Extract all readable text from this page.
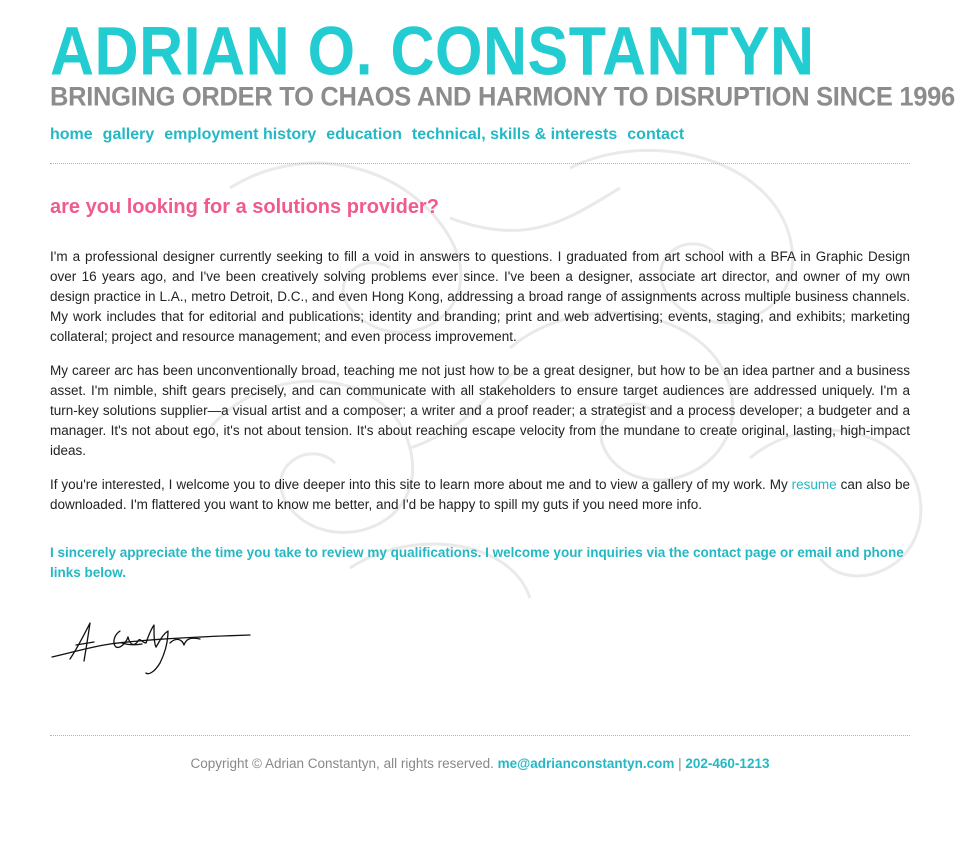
ADRIAN O. CONSTANTYN
BRINGING ORDER TO CHAOS AND HARMONY TO DISRUPTION SINCE 1996
home gallery employment history education technical, skills & interests contact
are you looking for a solutions provider?

I'm a professional designer currently seeking to fill a void in answers to questions. I graduated from art school with a BFA in Graphic Design over 16 years ago, and I've been creatively solving problems ever since. I've been a designer, associate art director, and owner of my own design practice in L.A., metro Detroit, D.C., and even Hong Kong, addressing a broad range of assignments across multiple business channels. My work includes that for editorial and publications; identity and branding; print and web advertising; events, staging, and exhibits; marketing collateral; project and resource management; and even process improvement.

My career arc has been unconventionally broad, teaching me not just how to be a great designer, but how to be an idea partner and a business asset. I'm nimble, shift gears precisely, and can communicate with all stakeholders to ensure target audiences are addressed uniquely. I'm a turn-key solutions supplier—a visual artist and a composer; a writer and a proof reader; a strategist and a process developer; a budgeter and a manager. It's not about ego, it's not about tension. It's about reaching escape velocity from the mundane to create original, lasting, high-impact ideas.

If you're interested, I welcome you to dive deeper into this site to learn more about me and to view a gallery of my work. My resume can also be downloaded. I'm flattered you want to know me better, and I'd be happy to spill my guts if you need more info.

I sincerely appreciate the time you take to review my qualifications. I welcome your inquiries via the contact page or email and phone links below.
Copyright © Adrian Constantyn, all rights reserved. me@adrianconstantyn.com | 202-460-1213
